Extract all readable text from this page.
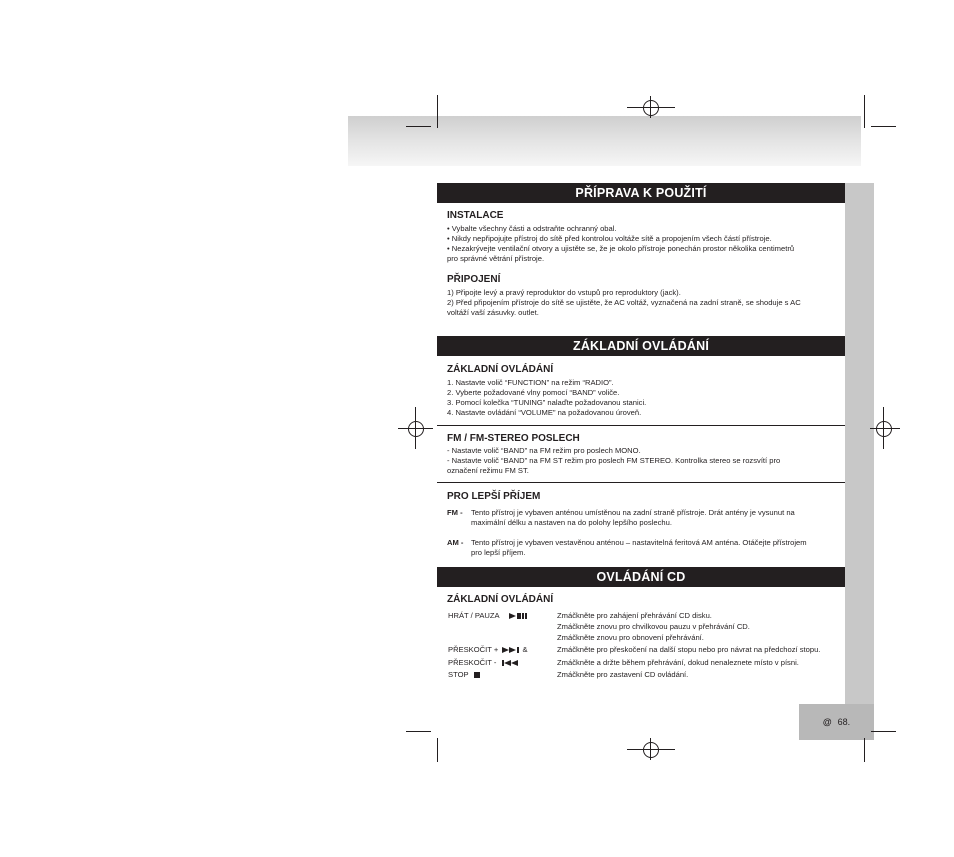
@ 68.
PŘÍPRAVA K POUŽITÍ
INSTALACE
• Vybalte všechny části a odstraňte ochranný obal.
• Nikdy nepřipojujte přístroj do sítě před kontrolou voltáže sítě a propojením všech částí přístroje.
• Nezakrývejte ventilační otvory a ujistěte se, že je okolo přístroje ponechán prostor několika centimetrů
pro správné větrání přístroje.
PŘIPOJENÍ
1) Připojte levý a pravý reproduktor do vstupů pro reproduktory (jack).
2) Před připojením přístroje do sítě se ujistěte, že AC voltáž, vyznačená na zadní straně, se shoduje s AC
voltáží vaší zásuvky. outlet.
ZÁKLADNÍ OVLÁDÁNÍ
ZÁKLADNÍ OVLÁDÁNÍ
1. Nastavte volič “FUNCTION” na režim “RADIO”.
2. Vyberte požadované vlny pomocí “BAND” voliče.
3. Pomocí kolečka “TUNING” nalaďte požadovanou stanici.
4. Nastavte ovládání “VOLUME” na požadovanou úroveň.
FM / FM-STEREO POSLECH
- Nastavte volič “BAND” na FM režim pro poslech MONO.
- Nastavte volič “BAND” na FM ST režim pro poslech FM STEREO. Kontrolka stereo se rozsvítí pro
označení režimu FM ST.
PRO LEPŠÍ PŘÍJEM
FM - Tento přístroj je vybaven anténou umístěnou na zadní straně přístroje. Drát antény je vysunut na
maximální délku a nastaven na do polohy lepšího poslechu.
AM - Tento přístroj je vybaven vestavěnou anténou – nastavitelná feritová AM anténa. Otáčejte přístrojem
pro lepší příjem.
OVLÁDÁNÍ CD
ZÁKLADNÍ OVLÁDÁNÍ
HRÁT / PAUZA	Zmáčkněte pro zahájení přehrávání CD disku.
Zmáčkněte znovu pro chvilkovou pauzu v přehrávání CD.
Zmáčkněte znovu pro obnovení přehrávání.
PŘESKOČIT +	&	Zmáčkněte pro přeskočení na další stopu nebo pro návrat na předchozí stopu.
PŘESKOČIT -	Zmáčkněte a držte během přehrávání, dokud nenaleznete místo v písni.
STOP	Zmáčkněte pro zastavení CD ovládání.
